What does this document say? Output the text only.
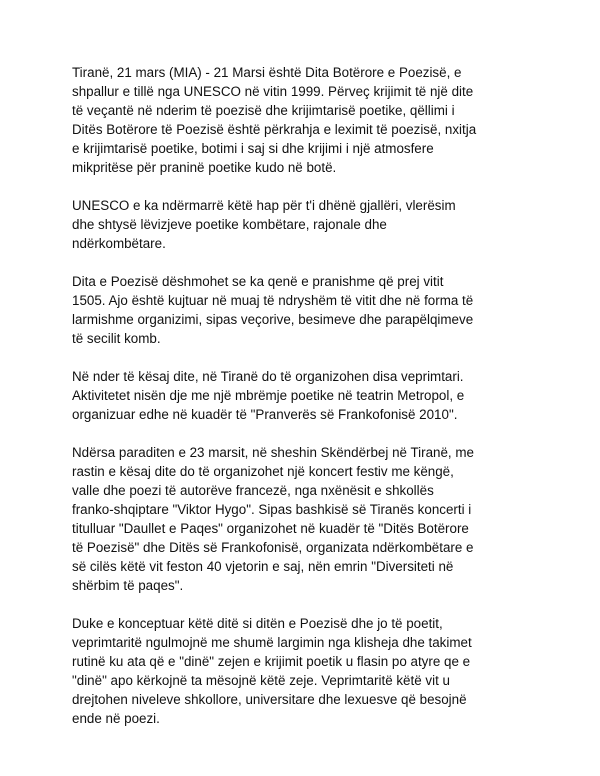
Tiranë, 21 mars (MIA) - 21 Marsi është Dita Botërore e Poezisë, e
shpallur e tillë nga UNESCO në vitin 1999. Përveç krijimit të një dite
të veçantë në nderim të poezisë dhe krijimtarisë poetike, qëllimi i
Ditës Botërore të Poezisë është përkrahja e leximit të poezisë, nxitja
e krijimtarisë poetike, botimi i saj si dhe krijimi i një atmosfere
mikpritëse për praninë poetike kudo në botë.
UNESCO e ka ndërmarrë këtë hap për t'i dhënë gjallëri, vlerësim
dhe shtysë lëvizjeve poetike kombëtare, rajonale dhe
ndërkombëtare.
Dita e Poezisë dëshmohet se ka qenë e pranishme që prej vitit
1505. Ajo është kujtuar në muaj të ndryshëm të vitit dhe në forma të
larmishme organizimi, sipas veçorive, besimeve dhe parapëlqimeve
të secilit komb.
Në nder të kësaj dite, në Tiranë do të organizohen disa veprimtari.
Aktivitetet nisën dje me një mbrëmje poetike në teatrin Metropol, e
organizuar edhe në kuadër të "Pranverës së Frankofonisë 2010".
Ndërsa paraditen e 23 marsit, në sheshin Skëndërbej në Tiranë, me
rastin e kësaj dite do të organizohet një koncert festiv me këngë,
valle dhe poezi të autorëve francezë, nga nxënësit e shkollës
franko-shqiptare "Viktor Hygo". Sipas bashkisë së Tiranës koncerti i
titulluar "Daullet e Paqes" organizohet në kuadër të "Ditës Botërore
të Poezisë" dhe Ditës së Frankofonisë, organizata ndërkombëtare e
së cilës këtë vit feston 40 vjetorin e saj, nën emrin "Diversiteti në
shërbim të paqes".
Duke e konceptuar këtë ditë si ditën e Poezisë dhe jo të poetit,
veprimtaritë ngulmojnë me shumë largimin nga klisheja dhe takimet
rutinë ku ata që e "dinë" zejen e krijimit poetik u flasin po atyre qe e
"dinë" apo kërkojnë ta mësojnë këtë zeje. Veprimtaritë këtë vit u
drejtohen niveleve shkollore, universitare dhe lexuesve që besojnë
ende në poezi.
